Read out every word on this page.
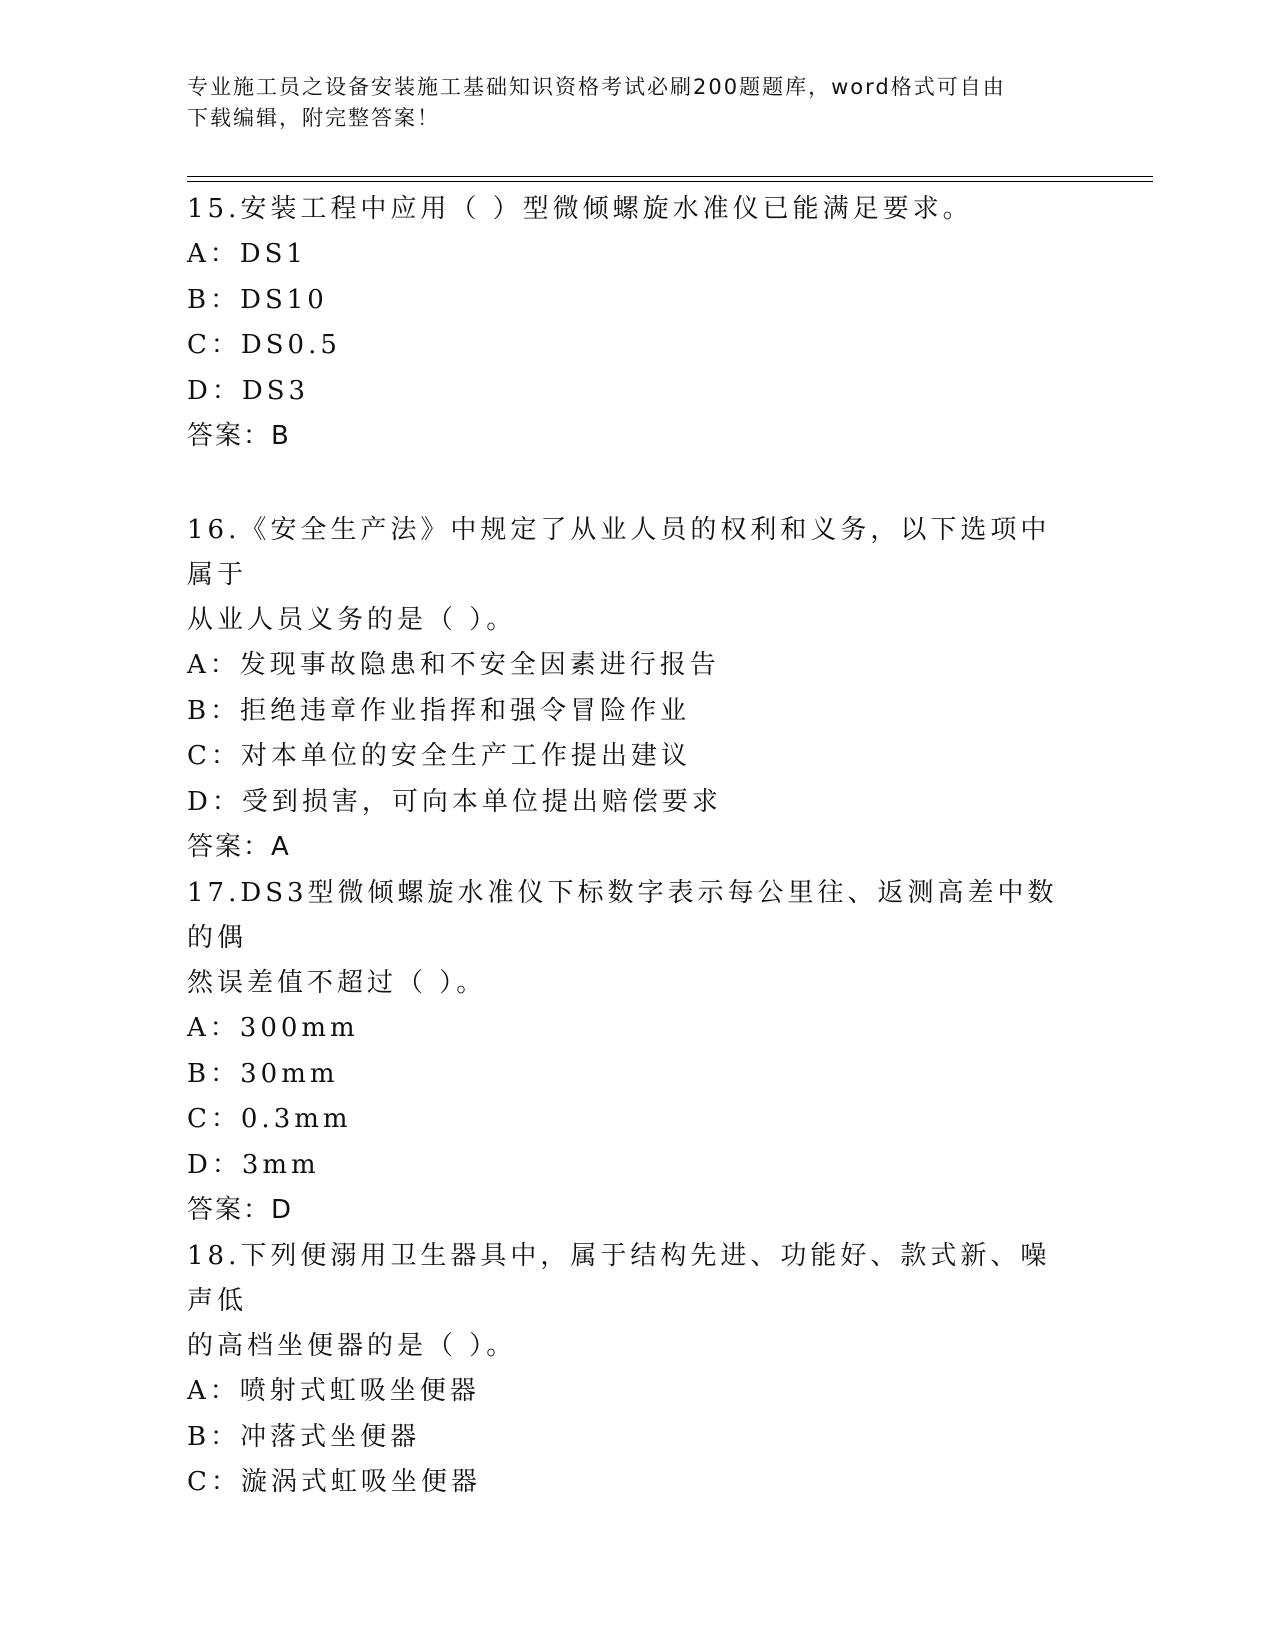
专业施工员之设备安装施工基础知识资格考试必刷200题题库，word格式可自由
下载编辑，附完整答案！
15.安装工程中应用（ ）型微倾螺旋水准仪已能满足要求。
A：DS1
B：DS10
C：DS0.5
D：DS3
答案：B
16.《安全生产法》中规定了从业人员的权利和义务，以下选项中属于
从业人员义务的是（ ）。
A：发现事故隐患和不安全因素进行报告
B：拒绝违章作业指挥和强令冒险作业
C：对本单位的安全生产工作提出建议
D：受到损害，可向本单位提出赔偿要求
答案：A
17.DS3型微倾螺旋水准仪下标数字表示每公里往、返测高差中数的偶
然误差值不超过（ ）。
A：300mm
B：30mm
C：0.3mm
D：3mm
答案：D
18.下列便溺用卫生器具中，属于结构先进、功能好、款式新、噪声低
的高档坐便器的是（ ）。
A：喷射式虹吸坐便器
B：冲落式坐便器
C：漩涡式虹吸坐便器
